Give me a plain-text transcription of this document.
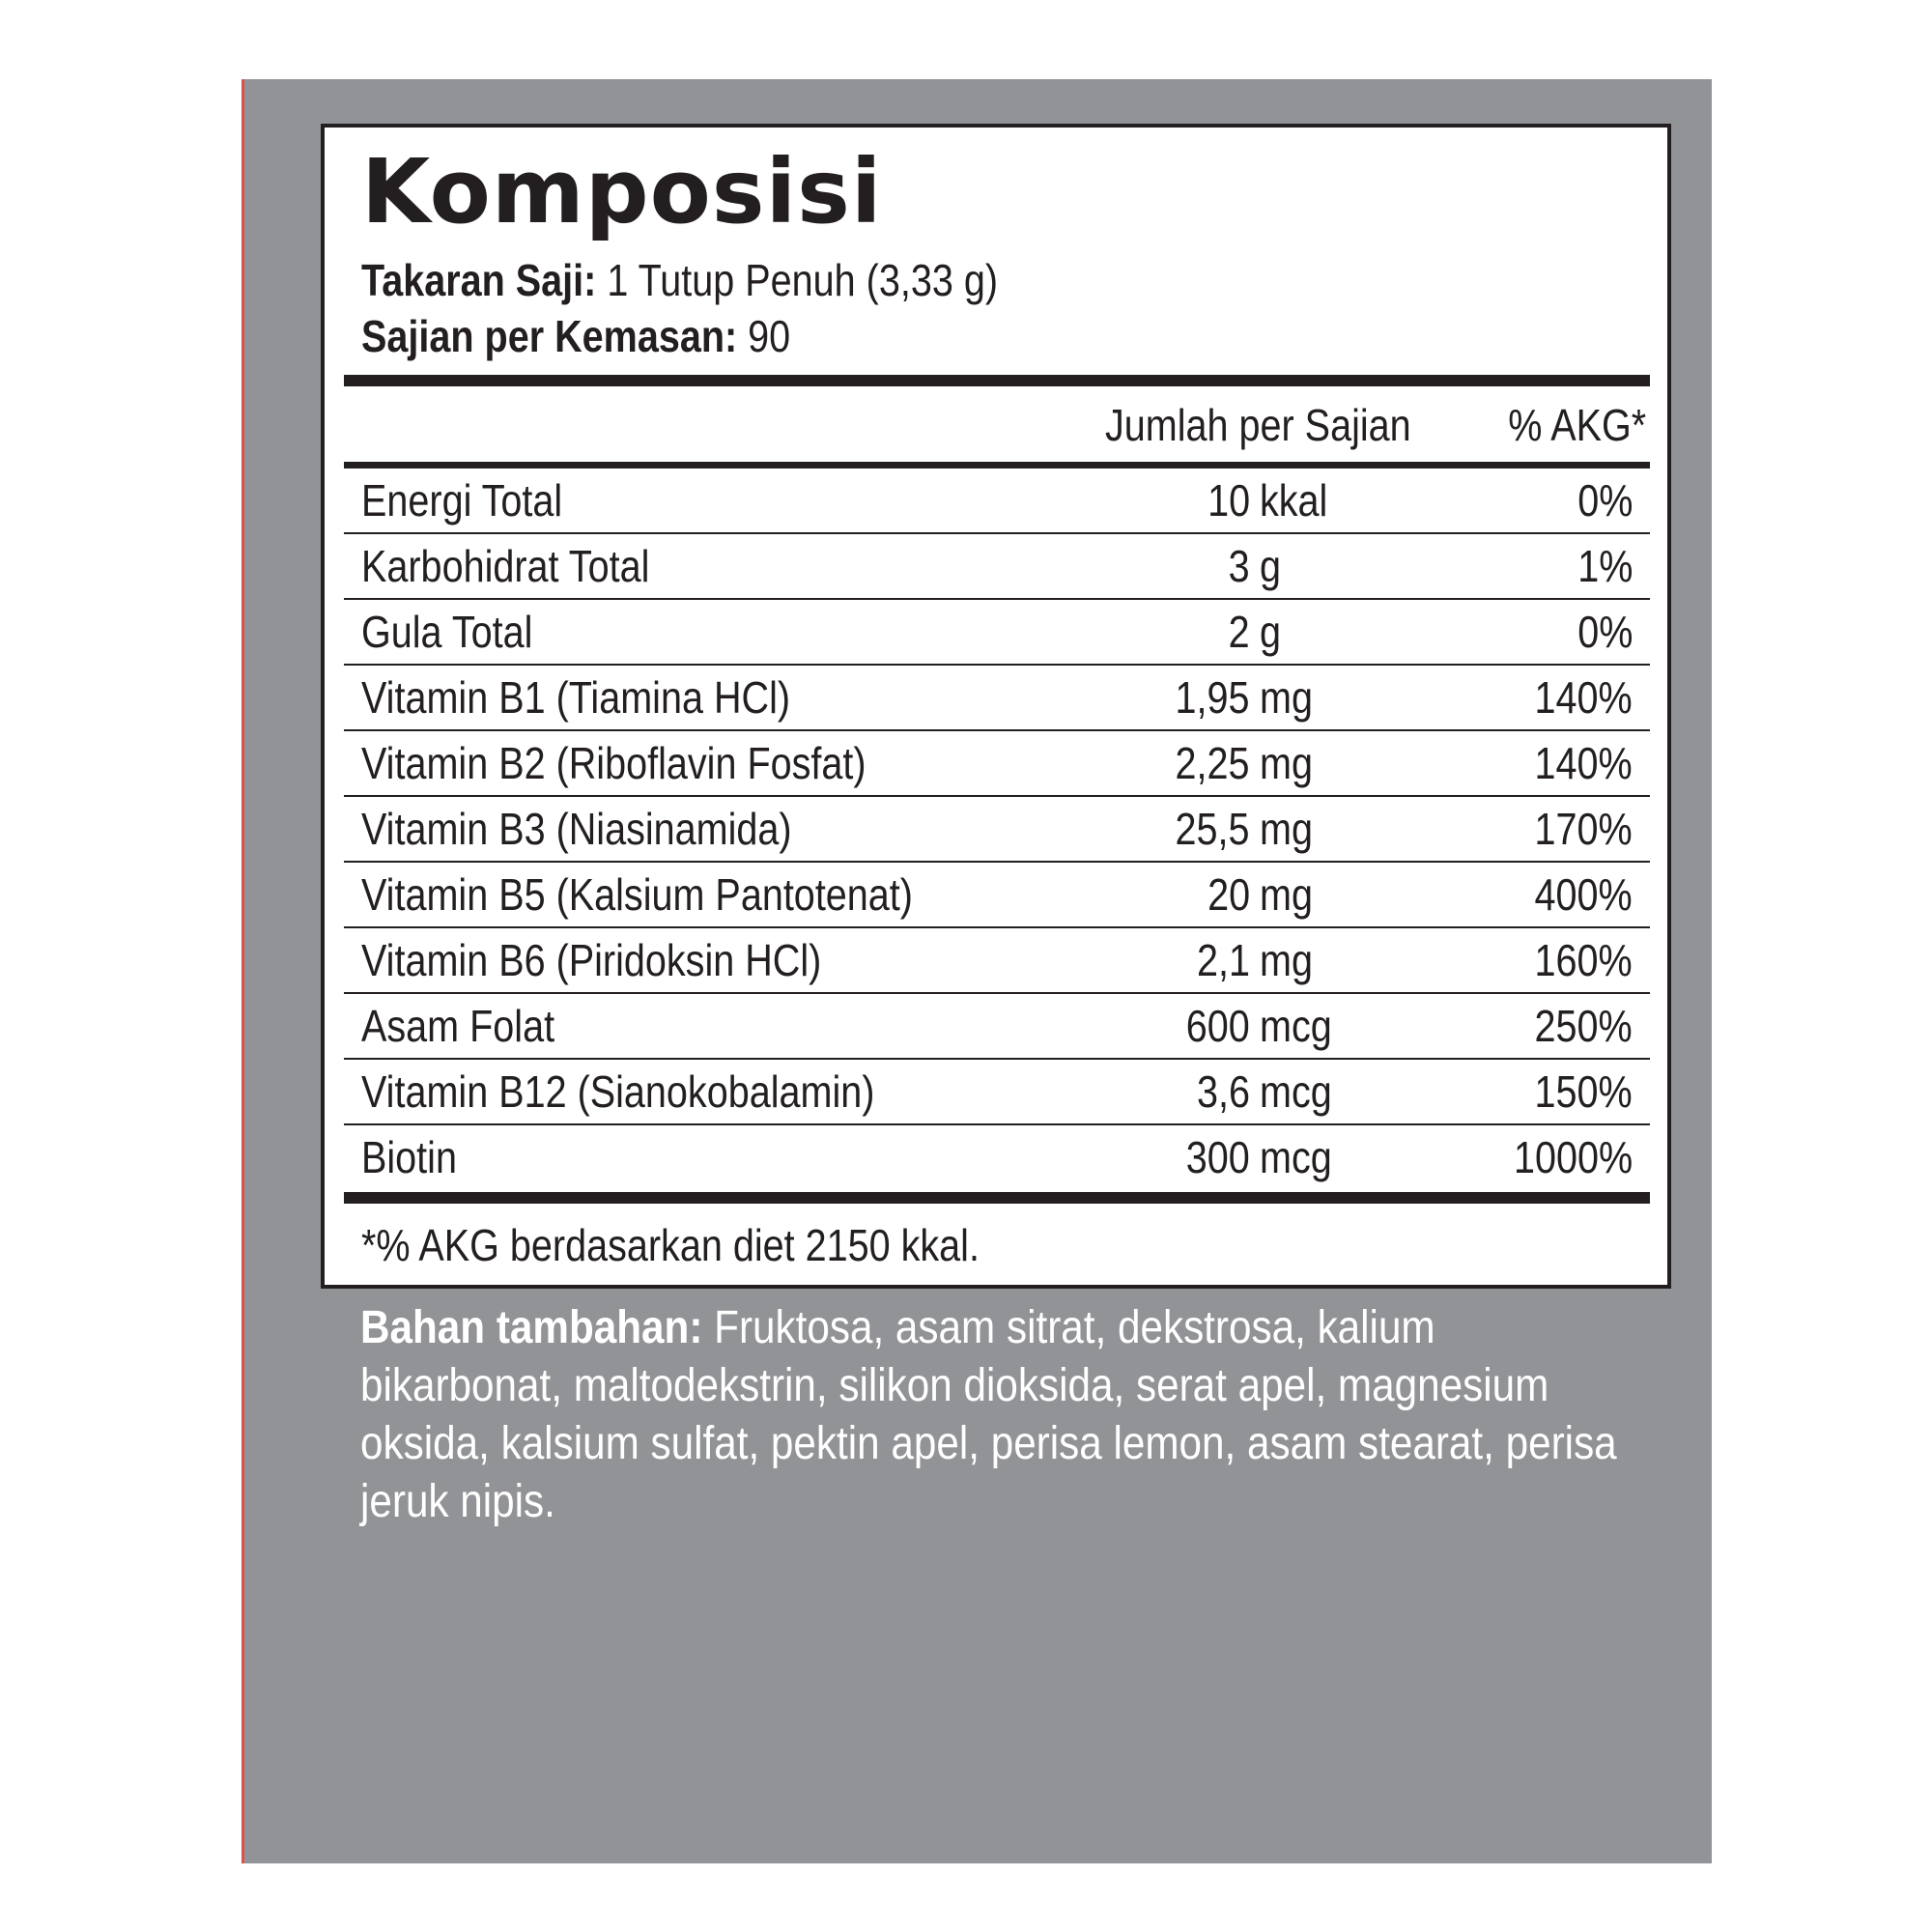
Komposisi
Takaran Saji: 1 Tutup Penuh (3,33 g)
Sajian per Kemasan: 90
Jumlah per Sajian % AKG*
Energi Total	10 kkal	0%
Karbohidrat Total	3 g	1%
Gula Total	2 g	0%
Vitamin B1 (Tiamina HCl)	1,95 mg	140%
Vitamin B2 (Riboflavin Fosfat)	2,25 mg	140%
Vitamin B3 (Niasinamida)	25,5 mg	170%
Vitamin B5 (Kalsium Pantotenat)	20 mg	400%
Vitamin B6 (Piridoksin HCl)	2,1 mg	160%
Asam Folat	600 mcg	250%
Vitamin B12 (Sianokobalamin)	3,6 mcg	150%
Biotin	300 mcg	1000%
*% AKG berdasarkan diet 2150 kkal.
Bahan tambahan: Fruktosa, asam sitrat, dekstrosa, kalium bikarbonat, maltodekstrin, silikon dioksida, serat apel, magnesium oksida, kalsium sulfat, pektin apel, perisa lemon, asam stearat, perisa jeruk nipis.
